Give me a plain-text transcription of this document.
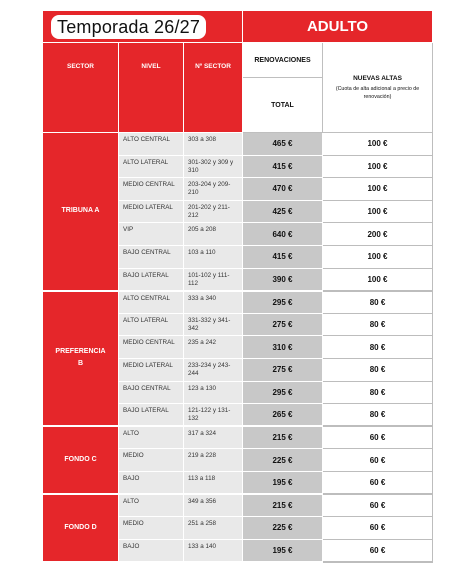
Temporada 26/27			ADULTO	
SECTOR	NIVEL	Nº SECTOR	RENOVACIONES	NUEVAS ALTAS
(Cuota de alta adicional a precio de renovación)

			TOTAL	
TRIBUNA A	ALTO CENTRAL	303 a 308	465 €	100 €
	ALTO LATERAL	301-302 y 309 y 310	415 €	100 €
	MEDIO CENTRAL	203-204 y 209-210	470 €	100 €
	MEDIO LATERAL	201-202 y 211-212	425 €	100 €
	VIP	205 a 208	640 €	200 €
	BAJO CENTRAL	103 a 110	415 €	100 €
	BAJO LATERAL	101-102 y 111-112	390 €	100 €
PREFERENCIA B	ALTO CENTRAL	333 a 340	295 €	80 €
	ALTO LATERAL	331-332 y 341-342	275 €	80 €
	MEDIO CENTRAL	235 a 242	310 €	80 €
	MEDIO LATERAL	233-234 y 243-244	275 €	80 €
	BAJO CENTRAL	123 a 130	295 €	80 €
	BAJO LATERAL	121-122 y 131-132	265 €	80 €
FONDO C	ALTO	317 a 324	215 €	60 €
	MEDIO	219 a 228	225 €	60 €
	BAJO	113 a 118	195 €	60 €
FONDO D	ALTO	349 a 356	215 €	60 €
	MEDIO	251 a 258	225 €	60 €
	BAJO	133 a 140	195 €	60 €
